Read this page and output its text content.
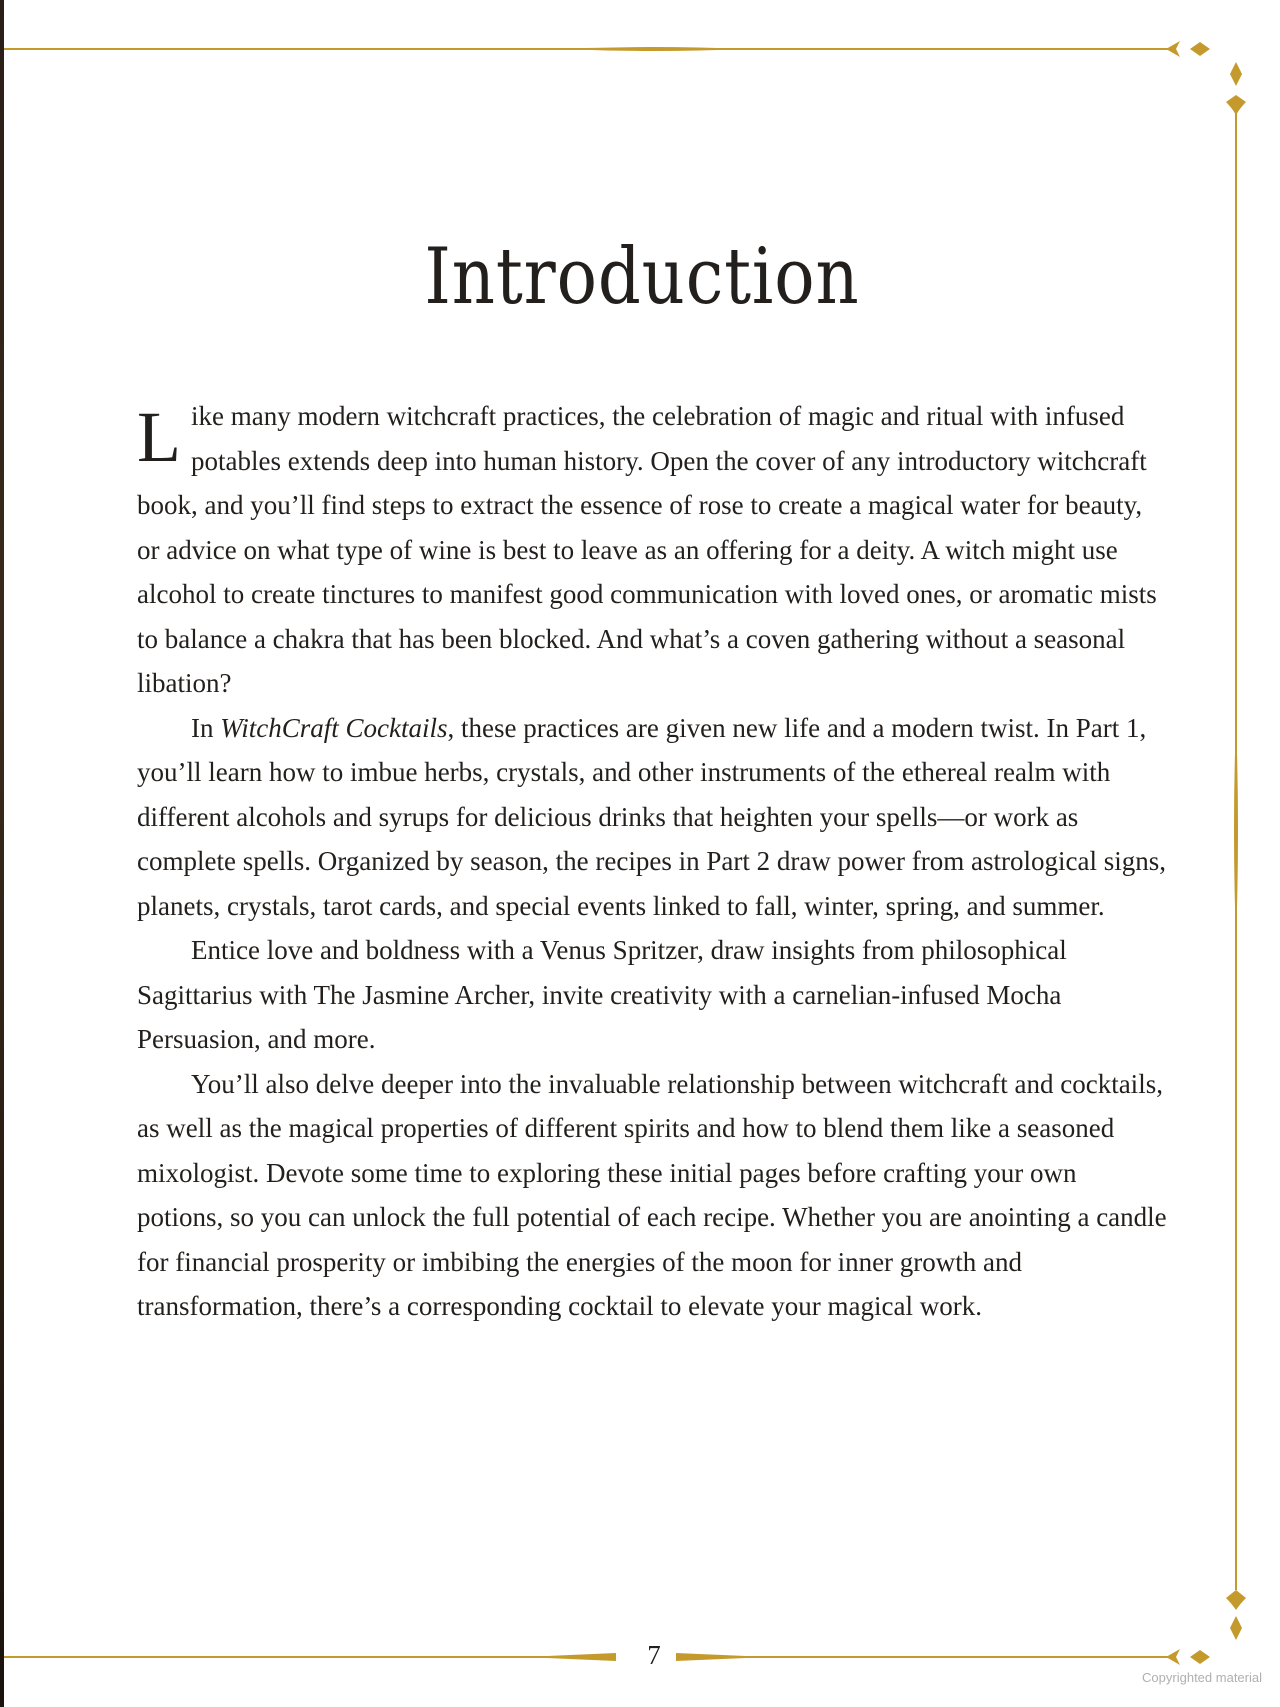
Introduction

Like many modern witchcraft practices, the celebration of magic and ritual with infused potables extends deep into human history. Open the cover of any introductory witchcraft book, and you’ll find steps to extract the essence of rose to create a magical water for beauty, or advice on what type of wine is best to leave as an offering for a deity. A witch might use alcohol to create tinctures to manifest good communication with loved ones, or aromatic mists to balance a chakra that has been blocked. And what’s a coven gathering without a seasonal libation?

In WitchCraft Cocktails, these practices are given new life and a modern twist. In Part 1, you’ll learn how to imbue herbs, crystals, and other instruments of the ethereal realm with different alcohols and syrups for delicious drinks that heighten your spells—or work as complete spells. Organized by season, the recipes in Part 2 draw power from astrological signs, planets, crystals, tarot cards, and special events linked to fall, winter, spring, and summer.

Entice love and boldness with a Venus Spritzer, draw insights from philosophical Sagittarius with The Jasmine Archer, invite creativity with a carnelian-infused Mocha Persuasion, and more.

You’ll also delve deeper into the invaluable relationship between witchcraft and cocktails, as well as the magical properties of different spirits and how to blend them like a seasoned mixologist. Devote some time to exploring these initial pages before crafting your own potions, so you can unlock the full potential of each recipe. Whether you are anointing a candle for financial prosperity or imbibing the energies of the moon for inner growth and transformation, there’s a corresponding cocktail to elevate your magical work.

7
Copyrighted material
